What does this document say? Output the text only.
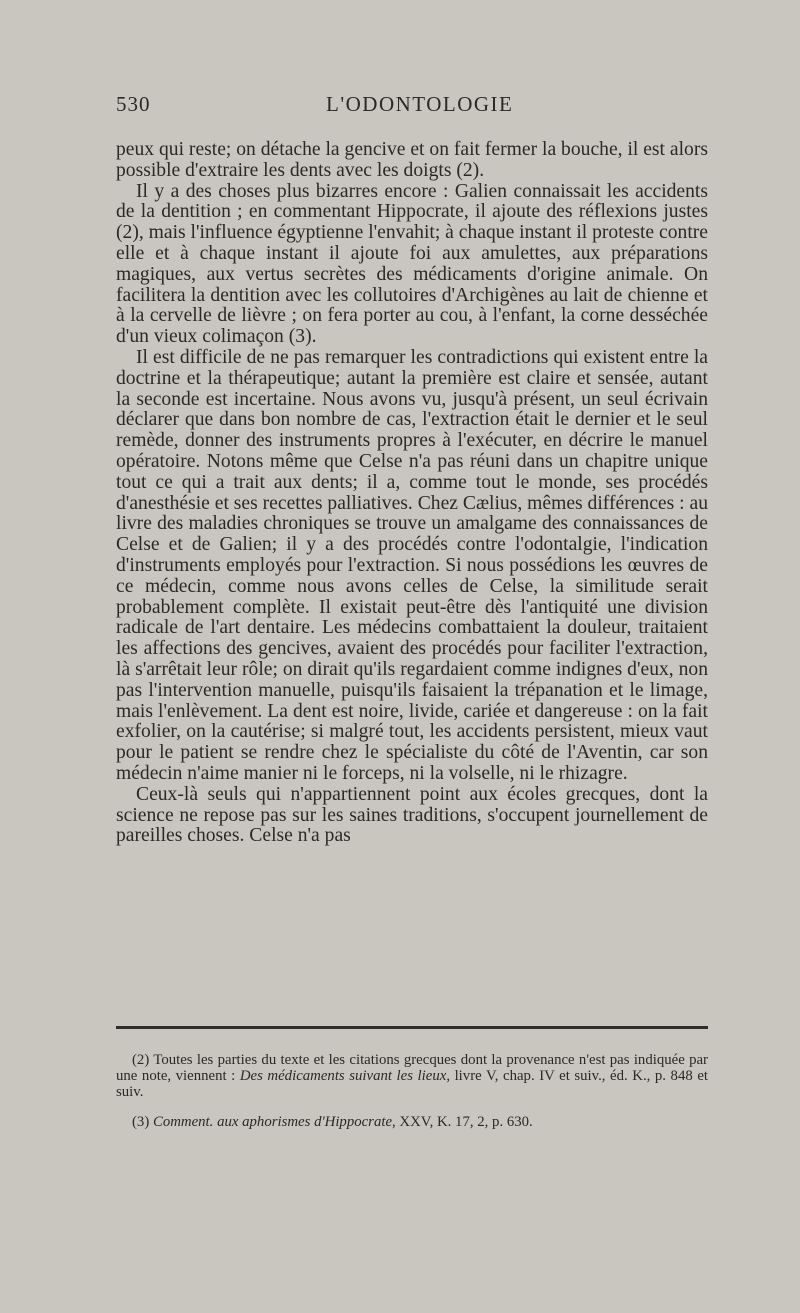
530	L'ODONTOLOGIE

peux qui reste; on détache la gencive et on fait fermer la bouche, il est alors possible d'extraire les dents avec les doigts (2).

Il y a des choses plus bizarres encore : Galien connaissait les accidents de la dentition ; en commentant Hippocrate, il ajoute des réflexions justes (2), mais l'influence égyptienne l'envahit; à chaque instant il proteste contre elle et à chaque instant il ajoute foi aux amulettes, aux préparations magiques, aux vertus secrètes des médicaments d'origine animale. On facilitera la dentition avec les collutoires d'Archigènes au lait de chienne et à la cervelle de lièvre ; on fera porter au cou, à l'enfant, la corne desséchée d'un vieux colimaçon (3).

Il est difficile de ne pas remarquer les contradictions qui existent entre la doctrine et la thérapeutique; autant la première est claire et sensée, autant la seconde est incertaine. Nous avons vu, jusqu'à présent, un seul écrivain déclarer que dans bon nombre de cas, l'extraction était le dernier et le seul remède, donner des instruments propres à l'exécuter, en décrire le manuel opératoire. Notons même que Celse n'a pas réuni dans un chapitre unique tout ce qui a trait aux dents; il a, comme tout le monde, ses procédés d'anesthésie et ses recettes palliatives. Chez Cælius, mêmes différences : au livre des maladies chroniques se trouve un amalgame des connaissances de Celse et de Galien; il y a des procédés contre l'odontalgie, l'indication d'instruments employés pour l'extraction. Si nous possédions les œuvres de ce médecin, comme nous avons celles de Celse, la similitude serait probablement complète. Il existait peut-être dès l'antiquité une division radicale de l'art dentaire. Les médecins combattaient la douleur, traitaient les affections des gencives, avaient des procédés pour faciliter l'extraction, là s'arrêtait leur rôle; on dirait qu'ils regardaient comme indignes d'eux, non pas l'intervention manuelle, puisqu'ils faisaient la trépanation et le limage, mais l'enlèvement. La dent est noire, livide, cariée et dangereuse : on la fait exfolier, on la cautérise; si malgré tout, les accidents persistent, mieux vaut pour le patient se rendre chez le spécialiste du côté de l'Aventin, car son médecin n'aime manier ni le forceps, ni la volselle, ni le rhizagre.

Ceux-là seuls qui n'appartiennent point aux écoles grecques, dont la science ne repose pas sur les saines traditions, s'occupent journellement de pareilles choses. Celse n'a pas

(2) Toutes les parties du texte et les citations grecques dont la provenance n'est pas indiquée par une note, viennent : Des médicaments suivant les lieux, livre V, chap. IV et suiv., éd. K., p. 848 et suiv.

(3) Comment. aux aphorismes d'Hippocrate, XXV, K. 17, 2, p. 630.
